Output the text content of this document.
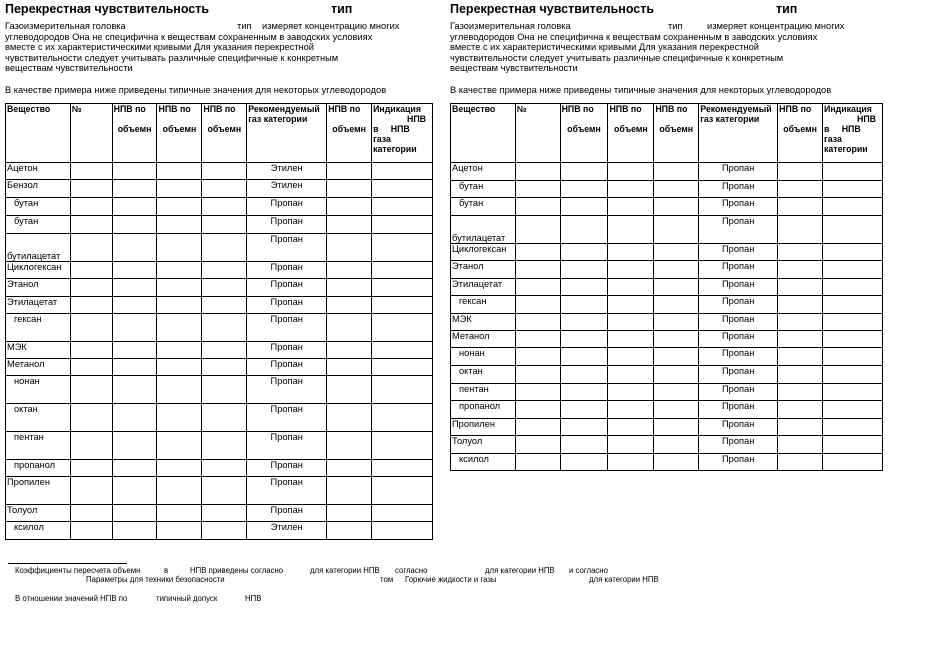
Перекрестная чувствительность	тип
Газоизмерительная головка	тип измеряет концентрацию многих
углеводородов Она не специфична к веществам сохраненным в заводских условиях
вместе с их характеристическими кривыми Для указания перекрестной
чувствительности следует учитывать различные специфичные к конкретным
веществам чувствительности
В качестве примера ниже приведены типичные значения для некоторых углеводородов
Вещество	№	НПВ по
объемн	НПВ по
объемн	НПВ по
объемн	Рекомендуемый
газ категории	НПВ по
объемн	Индикация
НПВ
в НПВ
газа
категории

Ацетон					Этилен		
Бензол					Этилен		
бутан					Пропан		
бутан					Пропан		
бутилацетат					Пропан		
Циклогексан					Пропан		
Этанол					Пропан		
Этилацетат					Пропан		
гексан					Пропан		
МЭК					Пропан		
Метанол					Пропан		
нонан					Пропан		
октан					Пропан		
пентан					Пропан		
пропанол					Пропан		
Пропилен					Пропан		
Толуол					Пропан		
ксилол					Этилен		
Перекрестная чувствительность	тип
Газоизмерительная головка	тип	измеряет концентрацию многих
углеводородов Она не специфична к веществам сохраненным в заводских условиях
вместе с их характеристическими кривыми Для указания перекрестной
чувствительности следует учитывать различные специфичные к конкретным
веществам чувствительности
В качестве примера ниже приведены типичные значения для некоторых углеводородов
Вещество	№	НПВ по
объемн	НПВ по
объемн	НПВ по
объемн	Рекомендуемый
газ категории	НПВ по
объемн	Индикация
НПВ
в НПВ
газа
категории

Ацетон					Пропан		
бутан					Пропан		
бутан					Пропан		
бутилацетат					Пропан		
Циклогексан					Пропан		
Этанол					Пропан		
Этилацетат					Пропан		
гексан					Пропан		
МЭК					Пропан		
Метанол					Пропан		
нонан					Пропан		
октан					Пропан		
пентан					Пропан		
пропанол					Пропан		
Пропилен					Пропан		
Толуол					Пропан		
ксилол					Пропан		
Коэффициенты пересчета объемн	в	НПВ приведены согласно	для категории НПВ согласно	для категории НПВ и согласно
Параметры для техники безопасности	том Горючие жидкости и газы	для категории НПВ
В отношении значений НПВ по	типичный допуск	НПВ
